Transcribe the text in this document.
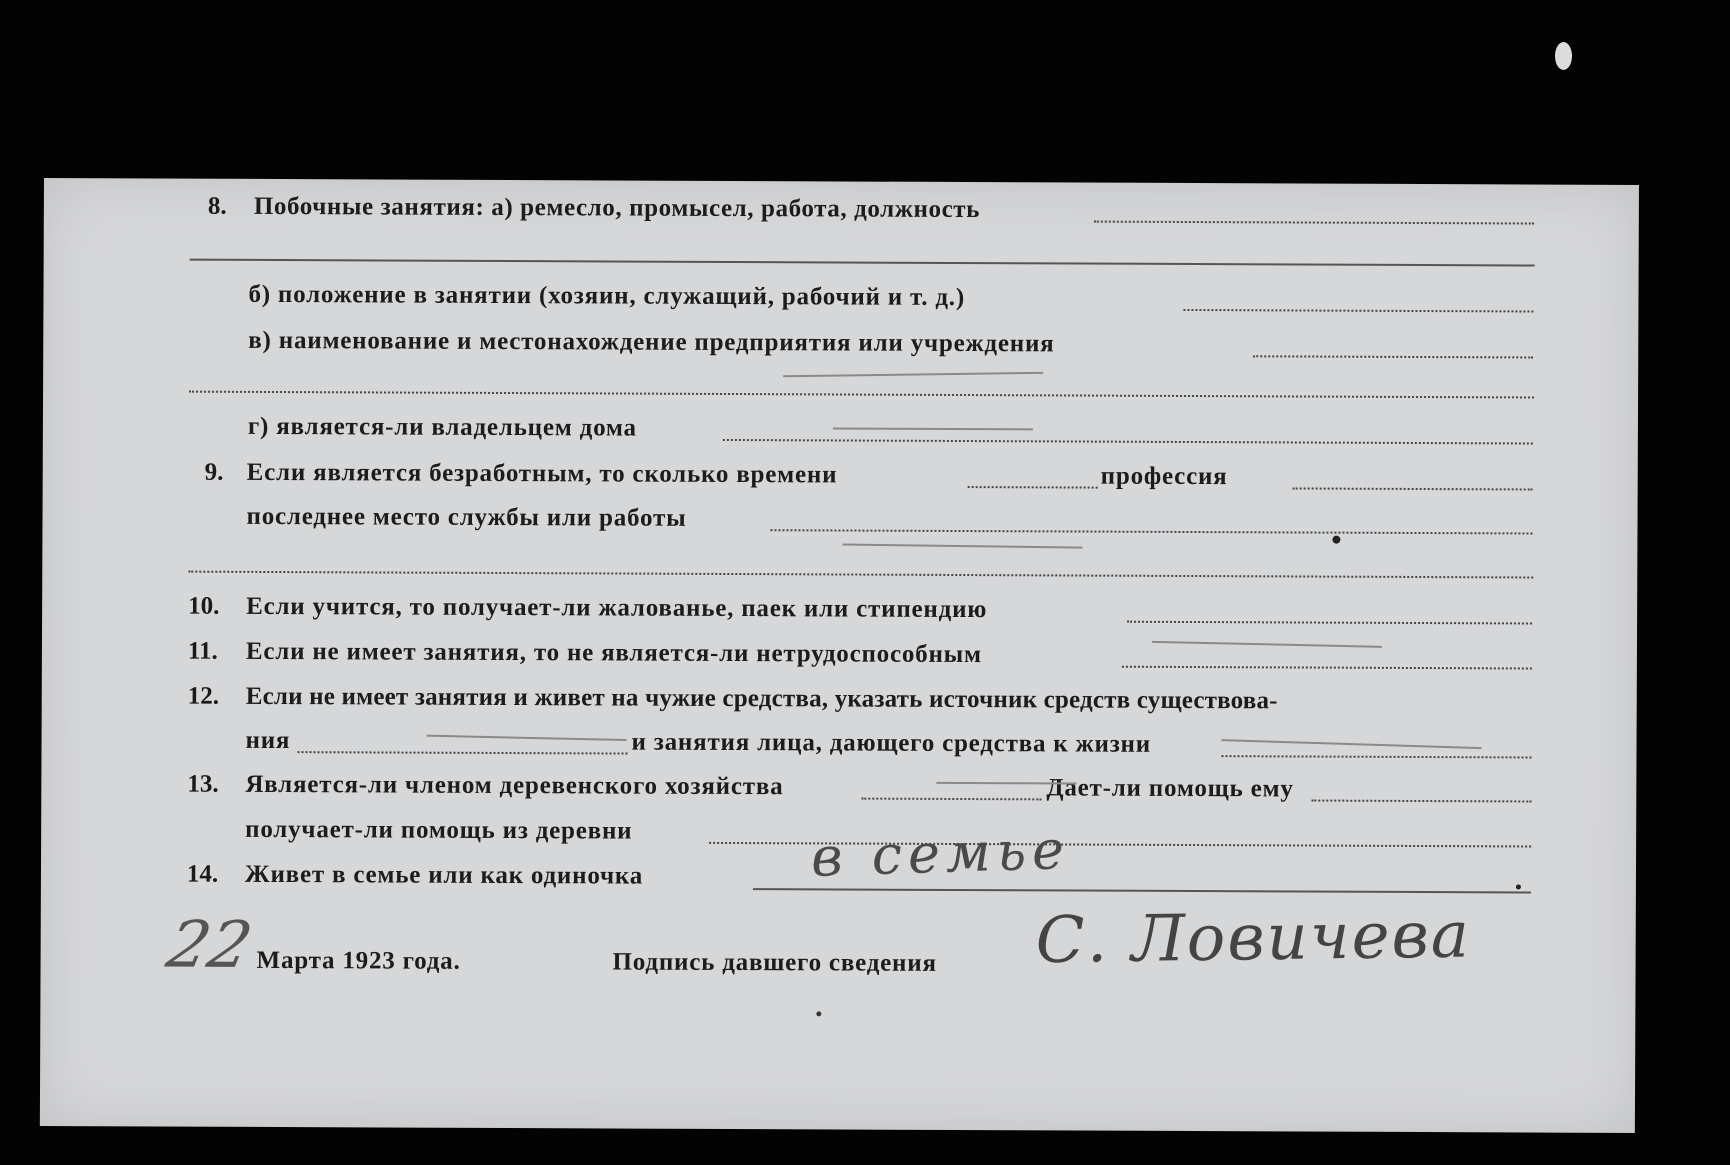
8. Побочные занятия: а) ремесло, промысел, работа, должность
б) положение в занятии (хозяин, служащий, рабочий и т. д.)
в) наименование и местонахождение предприятия или учреждения
г) является-ли владельцем дома
9. Если является безработным, то сколько времени	профессия
последнее место службы или работы
10. Если учится, то получает-ли жалованье, паек или стипендию
11. Если не имеет занятия, то не является-ли нетрудоспособным
12. Если не имеет занятия и живет на чужие средства, указать источник средств существова-
ния	и занятия лица, дающего средства к жизни
13. Является-ли членом деревенского хозяйства	Дает-ли помощь ему
получает-ли помощь из деревни
14. Живет в семье или как одиночка	в семье
22
Марта 1923 года.	Подпись давшего сведения С. Ловичева
